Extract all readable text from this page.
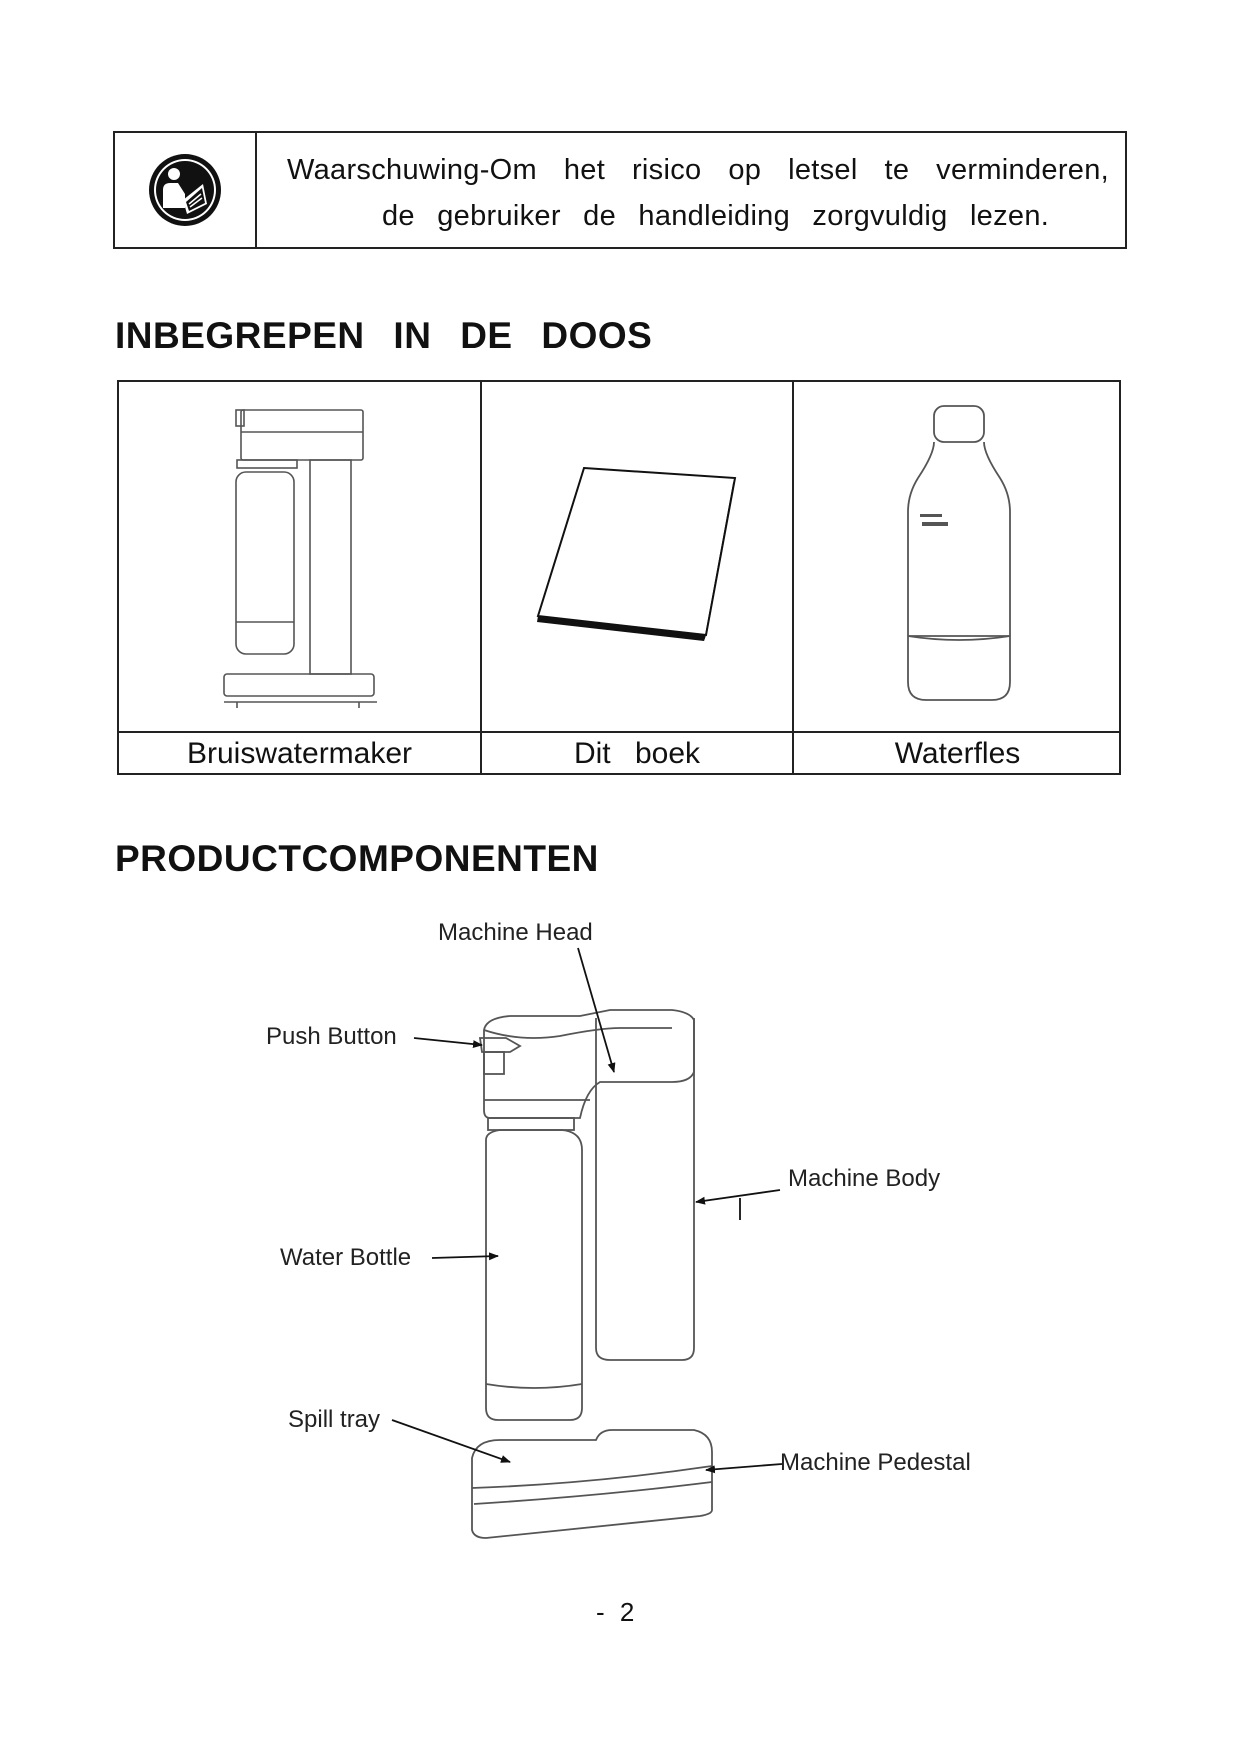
Waarschuwing-Om het risico op letsel te verminderen,
de gebruiker de handleiding zorgvuldig lezen.
INBEGREPEN IN DE DOOS
Bruiswatermaker	Dit boek	Waterfles
PRODUCTCOMPONENTEN
Machine Head
Push Button
Machine Body
Water Bottle
Spill tray
Machine Pedestal
- 2
